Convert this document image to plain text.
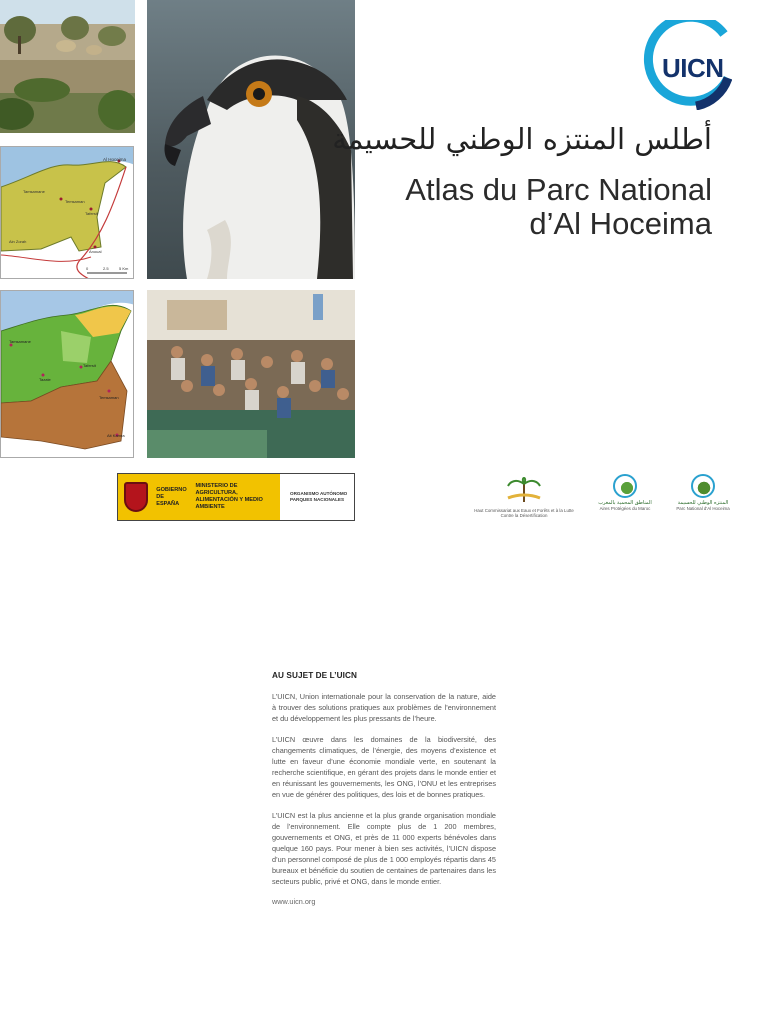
Al Hoceima
Tamsamane
Temsaman
Tafersit
Anoual
Ain Zorah
0	2.5	5 Km
Tamsamane
Tafersit
Tazate
Temsaman
Ait Kamra
UICN
أطلس المنتزه الوطني للحسيمة
Atlas du Parc National
d’Al Hoceima
GOBIERNO DE ESPAÑA
MINISTERIO DE AGRICULTURA, ALIMENTACIÓN Y MEDIO AMBIENTE
ORGANISMO AUTÓNOMO PARQUES NACIONALES
Haut Commissariat aux Eaux et Forêts et à la Lutte Contre la Désertification
المناطق المحمية بالمغرب
Aires Protégées du Maroc
المنتزه الوطني للحسيمة
Parc National d'Al Hoceima
AU SUJET DE L’UICN

L’UICN, Union internationale pour la conservation de la nature, aide à trouver des solutions pratiques aux problèmes de l’environnement et du développement les plus pressants de l’heure.

L’UICN œuvre dans les domaines de la biodiversité, des changements climatiques, de l’énergie, des moyens d’existence et lutte en faveur d’une économie mondiale verte, en soutenant la recherche scientifique, en gérant des projets dans le monde entier et en réunissant les gouvernements, les ONG, l’ONU et les entreprises en vue de générer des politiques, des lois et de bonnes pratiques.

L’UICN est la plus ancienne et la plus grande organisation mondiale de l’environnement. Elle compte plus de 1 200 membres, gouvernements et ONG, et près de 11 000 experts bénévoles dans quelque 160 pays. Pour mener à bien ses activités, l’UICN dispose d’un personnel composé de plus de 1 000 employés répartis dans 45 bureaux et bénéficie du soutien de centaines de partenaires dans les secteurs public, privé et ONG, dans le monde entier.

www.uicn.org
